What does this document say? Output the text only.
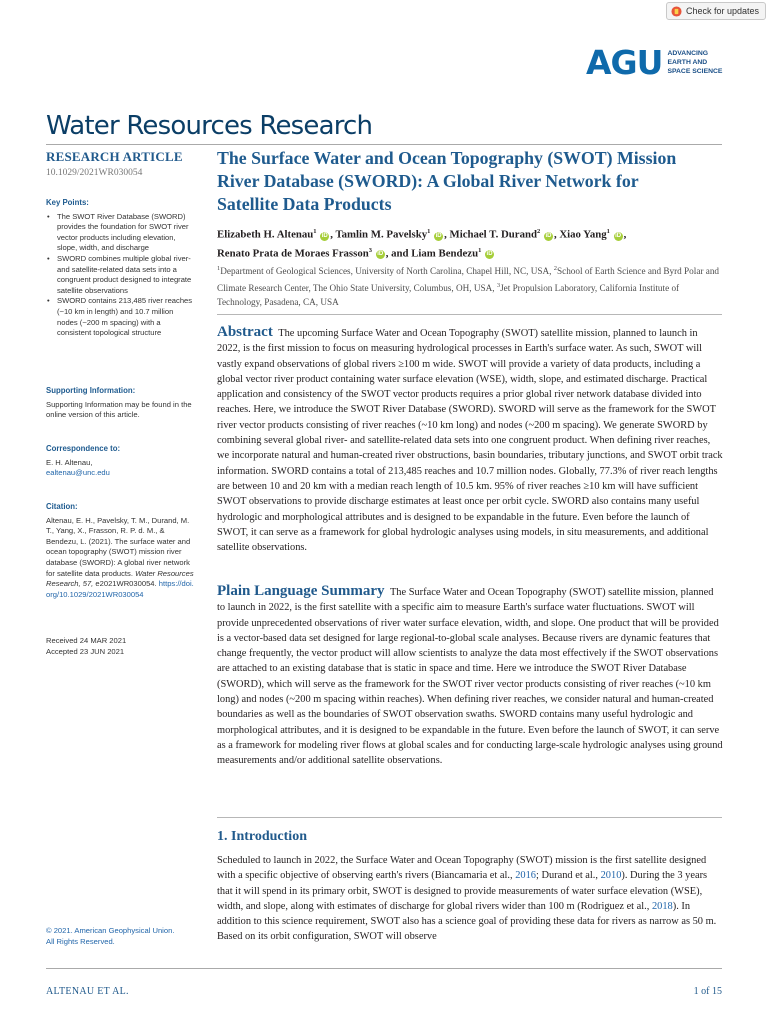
Check for updates
AGU ADVANCING
EARTH AND
SPACE SCIENCE
Water Resources Research
RESEARCH ARTICLE
10.1029/2021WR030054
Key Points:
• The SWOT River Database (SWORD) provides the foundation for SWOT river vector products including elevation, slope, width, and discharge
• SWORD combines multiple global river- and satellite-related data sets into a congruent product designed to integrate satellite observations
• SWORD contains 213,485 river reaches (~10 km in length) and 10.7 million nodes (~200 m spacing) with a consistent topological structure
Supporting Information:
Supporting Information may be found in the online version of this article.
Correspondence to:
E. H. Altenau,
ealtenau@unc.edu
Citation:
Altenau, E. H., Pavelsky, T. M., Durand, M. T., Yang, X., Frasson, R. P. d. M., & Bendezu, L. (2021). The surface water and ocean topography (SWOT) mission river database (SWORD): A global river network for satellite data products. Water Resources Research, 57, e2021WR030054. https://doi.org/10.1029/2021WR030054
Received 24 MAR 2021
Accepted 23 JUN 2021
© 2021. American Geophysical Union.
All Rights Reserved.
The Surface Water and Ocean Topography (SWOT) Mission River Database (SWORD): A Global River Network for Satellite Data Products
Elizabeth H. Altenau$^1$ iD , Tamlin M. Pavelsky$^1$ iD , Michael T. Durand$^2$ iD , Xiao Yang$^1$ iD ,
Renato Prata de Moraes Frasson$^3$ iD , and Liam Bendezu$^1$ iD
$^1$Department of Geological Sciences, University of North Carolina, Chapel Hill, NC, USA, $^2$School of Earth Science and Byrd Polar and Climate Research Center, The Ohio State University, Columbus, OH, USA, $^3$Jet Propulsion Laboratory, California Institute of Technology, Pasadena, CA, USA
Abstract The upcoming Surface Water and Ocean Topography (SWOT) satellite mission, planned to launch in 2022, is the first mission to focus on measuring hydrological processes in Earth's surface water. As such, SWOT will vastly expand observations of global rivers ≥100 m wide. SWOT will provide a variety of data products, including a global vector river product containing water surface elevation (WSE), width, slope, and estimated discharge. Practical application and consistency of the SWOT vector products requires a prior global river network database divided into reaches. Here, we introduce the SWOT River Database (SWORD). SWORD will serve as the framework for the SWOT river vector products consisting of river reaches (~10 km long) and nodes (~200 m spacing). We generate SWORD by combining several global river- and satellite-related data sets into one congruent product. When defining river reaches, we incorporate natural and human-created river obstructions, basin boundaries, tributary junctions, and SWOT orbit track information. SWORD contains a total of 213,485 reaches and 10.7 million nodes. Globally, 77.3% of river reach lengths are between 10 and 20 km with a median reach length of 10.5 km. 95% of river reaches ≥10 km will have sufficient SWOT observations to provide discharge estimates at least once per orbit cycle. SWORD also contains many useful hydrologic and morphological attributes and is designed to be expandable in the future. Even before the launch of SWOT, it can serve as a framework for global hydrologic analyses using models, in situ measurements, and additional satellite observations.
Plain Language Summary The Surface Water and Ocean Topography (SWOT) satellite mission, planned to launch in 2022, is the first satellite with a specific aim to measure Earth's surface water fluctuations. SWOT will provide unprecedented observations of river water surface elevation, width, and slope. One product that will be provided is a vector-based data set designed for large regional-to-global scale analyses. Because rivers are dynamic features that change frequently, the vector product will allow scientists to analyze the data most effectively if the SWOT observations are attached to an existing database that is static in space and time. Here we introduce the SWOT River Database (SWORD), which will serve as the framework for the SWOT river vector products consisting of river reaches (~10 km long) and nodes (~200 m spacing within reaches). When defining river reaches, we consider natural and human-created boundaries as well as the boundaries of SWOT observation swaths. SWORD contains many useful hydrologic and morphological attributes, and it is designed to be expandable in the future. Even before the launch of SWOT, it can serve as a framework for modeling river flows at global scales and for conducting large-scale hydrologic analyses using ground measurements and/or additional satellite observations.
1. Introduction
Scheduled to launch in 2022, the Surface Water and Ocean Topography (SWOT) mission is the first satellite designed with a specific objective of observing earth's rivers (Biancamaria et al., 2016; Durand et al., 2010). During the 3 years that it will spend in its primary orbit, SWOT is designed to provide measurements of water surface elevation (WSE), width, and slope, along with estimates of discharge for global rivers wider than 100 m (Rodriguez et al., 2018). In addition to this science requirement, SWOT also has a science goal of providing these data for rivers as narrow as 50 m. Based on its orbit configuration, SWOT will observe
ALTENAU ET AL.	1 of 15
